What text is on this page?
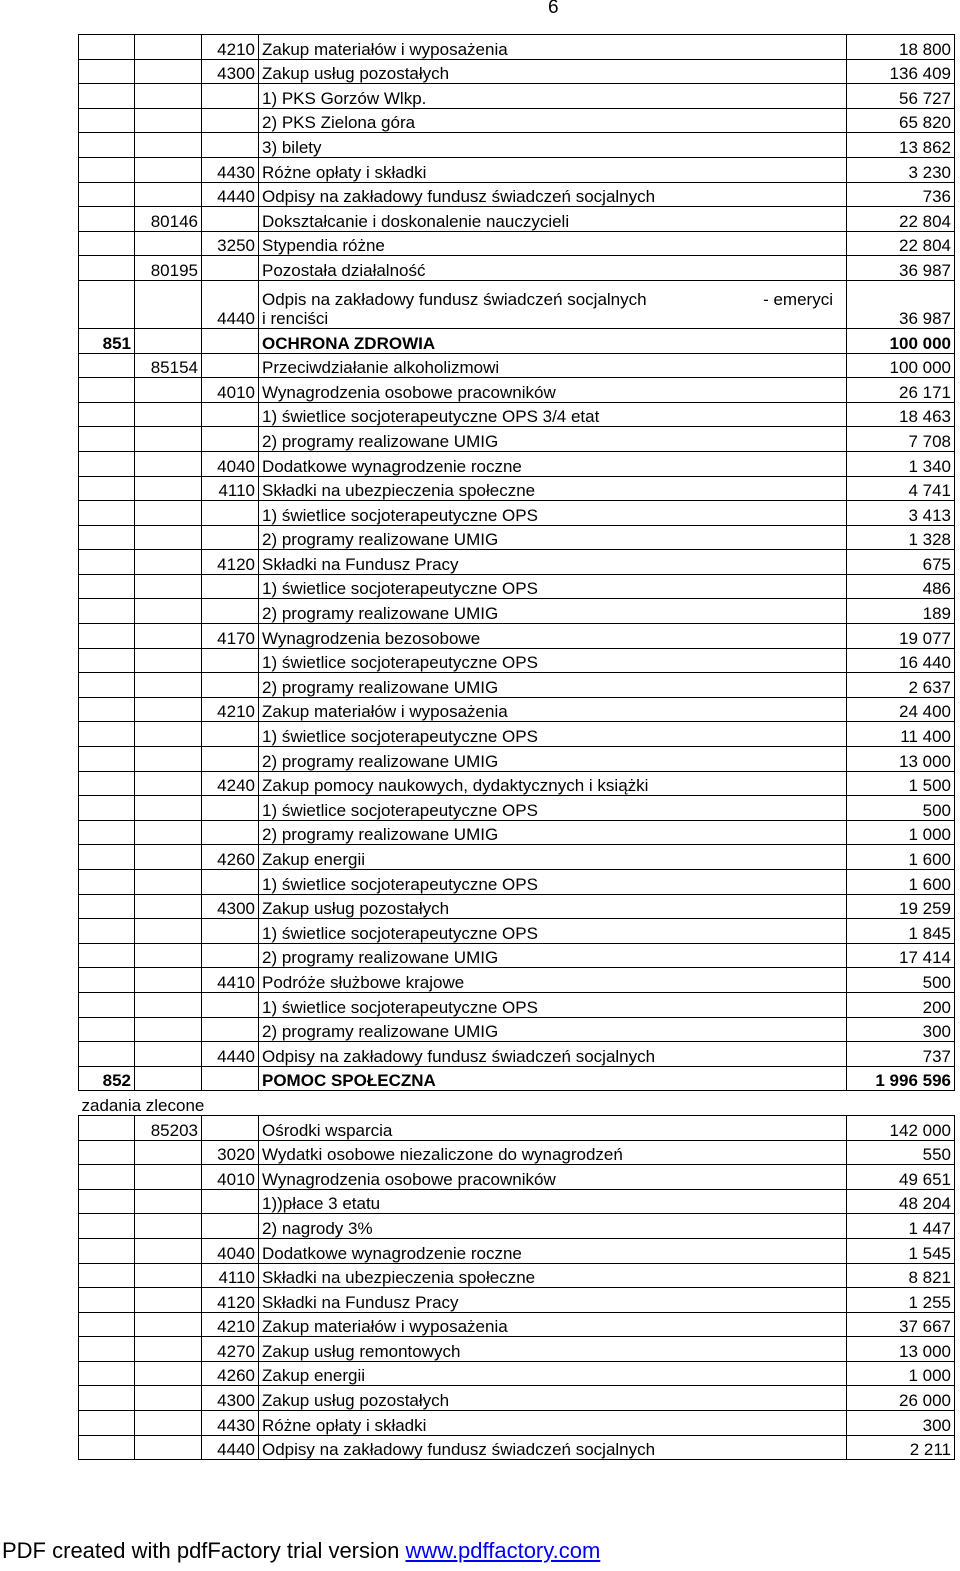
6
		4210	Zakup materiałów i wyposażenia	18 800
		4300	Zakup usług pozostałych	136 409
			1) PKS Gorzów Wlkp.	56 727
			2) PKS Zielona góra	65 820
			3) bilety	13 862
		4430	Różne opłaty i składki	3 230
		4440	Odpisy na zakładowy fundusz świadczeń socjalnych	736
	80146		Dokształcanie i doskonalenie nauczycieli	22 804
		3250	Stypendia różne	22 804
	80195		Pozostała działalność	36 987
		4440	Odpis na zakładowy fundusz świadczeń socjalnych - emeryci
i renciści	36 987
851			OCHRONA ZDROWIA	100 000
	85154		Przeciwdziałanie alkoholizmowi	100 000
		4010	Wynagrodzenia osobowe pracowników	26 171
			1) świetlice socjoterapeutyczne OPS 3/4 etat	18 463
			2) programy realizowane UMIG	7 708
		4040	Dodatkowe wynagrodzenie roczne	1 340
		4110	Składki na ubezpieczenia społeczne	4 741
			1) świetlice socjoterapeutyczne OPS	3 413
			2) programy realizowane UMIG	1 328
		4120	Składki na Fundusz Pracy	675
			1) świetlice socjoterapeutyczne OPS	486
			2) programy realizowane UMIG	189
		4170	Wynagrodzenia bezosobowe	19 077
			1) świetlice socjoterapeutyczne OPS	16 440
			2) programy realizowane UMIG	2 637
		4210	Zakup materiałów i wyposażenia	24 400
			1) świetlice socjoterapeutyczne OPS	11 400
			2) programy realizowane UMIG	13 000
		4240	Zakup pomocy naukowych, dydaktycznych i książki	1 500
			1) świetlice socjoterapeutyczne OPS	500
			2) programy realizowane UMIG	1 000
		4260	Zakup energii	1 600
			1) świetlice socjoterapeutyczne OPS	1 600
		4300	Zakup usług pozostałych	19 259
			1) świetlice socjoterapeutyczne OPS	1 845
			2) programy realizowane UMIG	17 414
		4410	Podróże służbowe krajowe	500
			1) świetlice socjoterapeutyczne OPS	200
			2) programy realizowane UMIG	300
		4440	Odpisy na zakładowy fundusz świadczeń socjalnych	737
852			POMOC SPOŁECZNA	1 996 596
zadania zlecone				
	85203		Ośrodki wsparcia	142 000
		3020	Wydatki osobowe niezaliczone do wynagrodzeń	550
		4010	Wynagrodzenia osobowe pracowników	49 651
			1))płace 3 etatu	48 204
			2) nagrody 3%	1 447
		4040	Dodatkowe wynagrodzenie roczne	1 545
		4110	Składki na ubezpieczenia społeczne	8 821
		4120	Składki na Fundusz Pracy	1 255
		4210	Zakup materiałów i wyposażenia	37 667
		4270	Zakup usług remontowych	13 000
		4260	Zakup energii	1 000
		4300	Zakup usług pozostałych	26 000
		4430	Różne opłaty i składki	300
		4440	Odpisy na zakładowy fundusz świadczeń socjalnych	2 211
PDF created with pdfFactory trial version www.pdffactory.com
